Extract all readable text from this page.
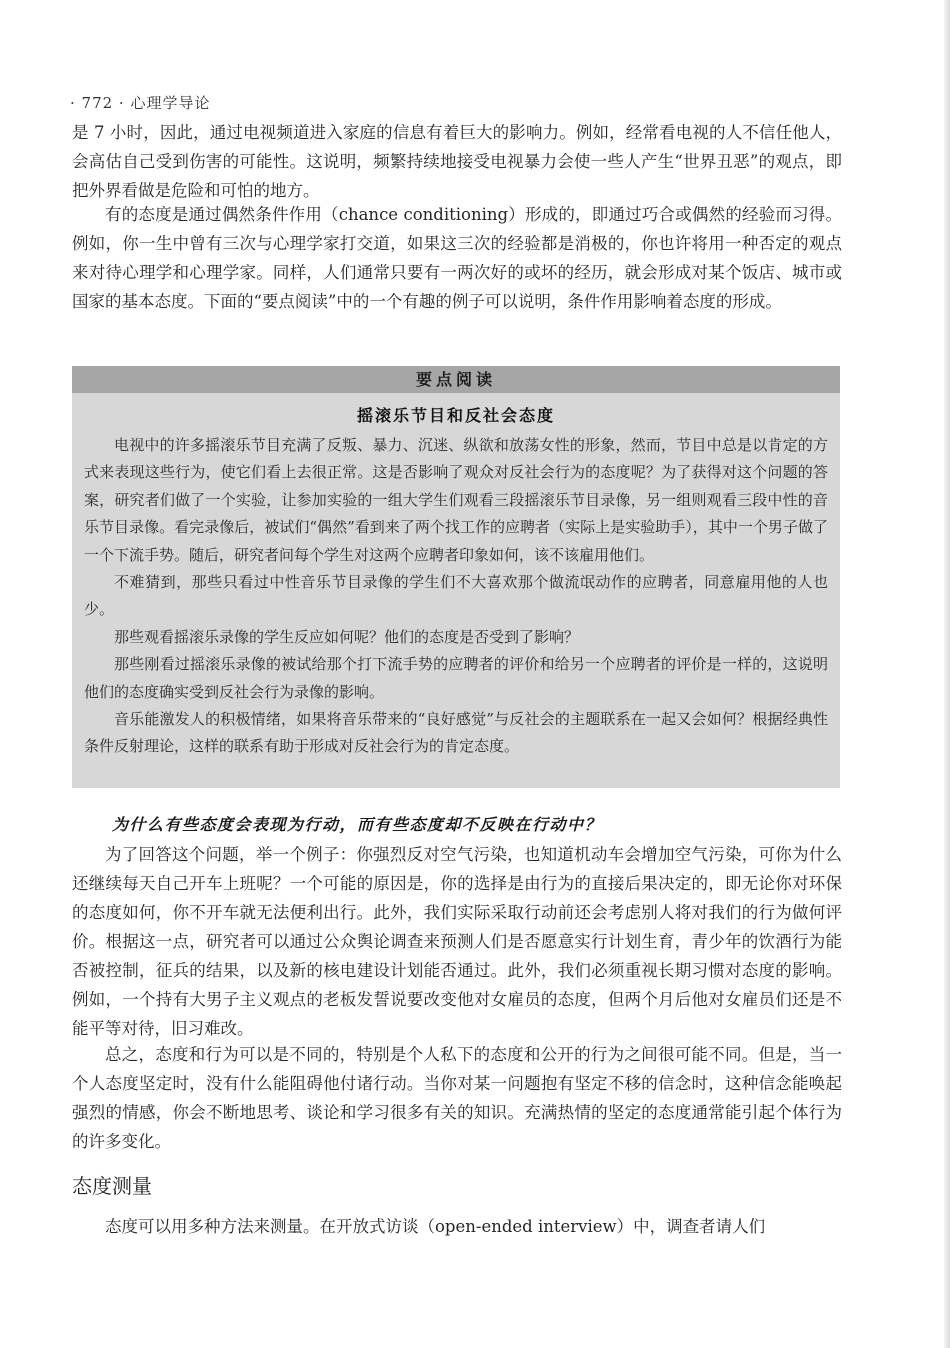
· 772 · 心理学导论

是 7 小时，因此，通过电视频道进入家庭的信息有着巨大的影响力。例如，经常看电视的人不信任他人，会高估自己受到伤害的可能性。这说明，频繁持续地接受电视暴力会使一些人产生“世界丑恶”的观点，即把外界看做是危险和可怕的地方。

有的态度是通过偶然条件作用（chance conditioning）形成的，即通过巧合或偶然的经验而习得。例如，你一生中曾有三次与心理学家打交道，如果这三次的经验都是消极的，你也许将用一种否定的观点来对待心理学和心理学家。同样，人们通常只要有一两次好的或坏的经历，就会形成对某个饭店、城市或国家的基本态度。下面的“要点阅读”中的一个有趣的例子可以说明，条件作用影响着态度的形成。

要点阅读
摇滚乐节目和反社会态度

电视中的许多摇滚乐节目充满了反叛、暴力、沉迷、纵欲和放荡女性的形象，然而，节目中总是以肯定的方式来表现这些行为，使它们看上去很正常。这是否影响了观众对反社会行为的态度呢？为了获得对这个问题的答案，研究者们做了一个实验，让参加实验的一组大学生们观看三段摇滚乐节目录像，另一组则观看三段中性的音乐节目录像。看完录像后，被试们“偶然”看到来了两个找工作的应聘者（实际上是实验助手），其中一个男子做了一个下流手势。随后，研究者问每个学生对这两个应聘者印象如何，该不该雇用他们。

不难猜到，那些只看过中性音乐节目录像的学生们不大喜欢那个做流氓动作的应聘者，同意雇用他的人也少。

那些观看摇滚乐录像的学生反应如何呢？他们的态度是否受到了影响？

那些刚看过摇滚乐录像的被试给那个打下流手势的应聘者的评价和给另一个应聘者的评价是一样的，这说明他们的态度确实受到反社会行为录像的影响。

音乐能激发人的积极情绪，如果将音乐带来的“良好感觉”与反社会的主题联系在一起又会如何？根据经典性条件反射理论，这样的联系有助于形成对反社会行为的肯定态度。

为什么有些态度会表现为行动，而有些态度却不反映在行动中？

为了回答这个问题，举一个例子：你强烈反对空气污染，也知道机动车会增加空气污染，可你为什么还继续每天自己开车上班呢？一个可能的原因是，你的选择是由行为的直接后果决定的，即无论你对环保的态度如何，你不开车就无法便利出行。此外，我们实际采取行动前还会考虑别人将对我们的行为做何评价。根据这一点，研究者可以通过公众舆论调查来预测人们是否愿意实行计划生育，青少年的饮酒行为能否被控制，征兵的结果，以及新的核电建设计划能否通过。此外，我们必须重视长期习惯对态度的影响。例如，一个持有大男子主义观点的老板发誓说要改变他对女雇员的态度，但两个月后他对女雇员们还是不能平等对待，旧习难改。

总之，态度和行为可以是不同的，特别是个人私下的态度和公开的行为之间很可能不同。但是，当一个人态度坚定时，没有什么能阻碍他付诸行动。当你对某一问题抱有坚定不移的信念时，这种信念能唤起强烈的情感，你会不断地思考、谈论和学习很多有关的知识。充满热情的坚定的态度通常能引起个体行为的许多变化。

态度测量

态度可以用多种方法来测量。在开放式访谈（open-ended interview）中，调查者请人们
